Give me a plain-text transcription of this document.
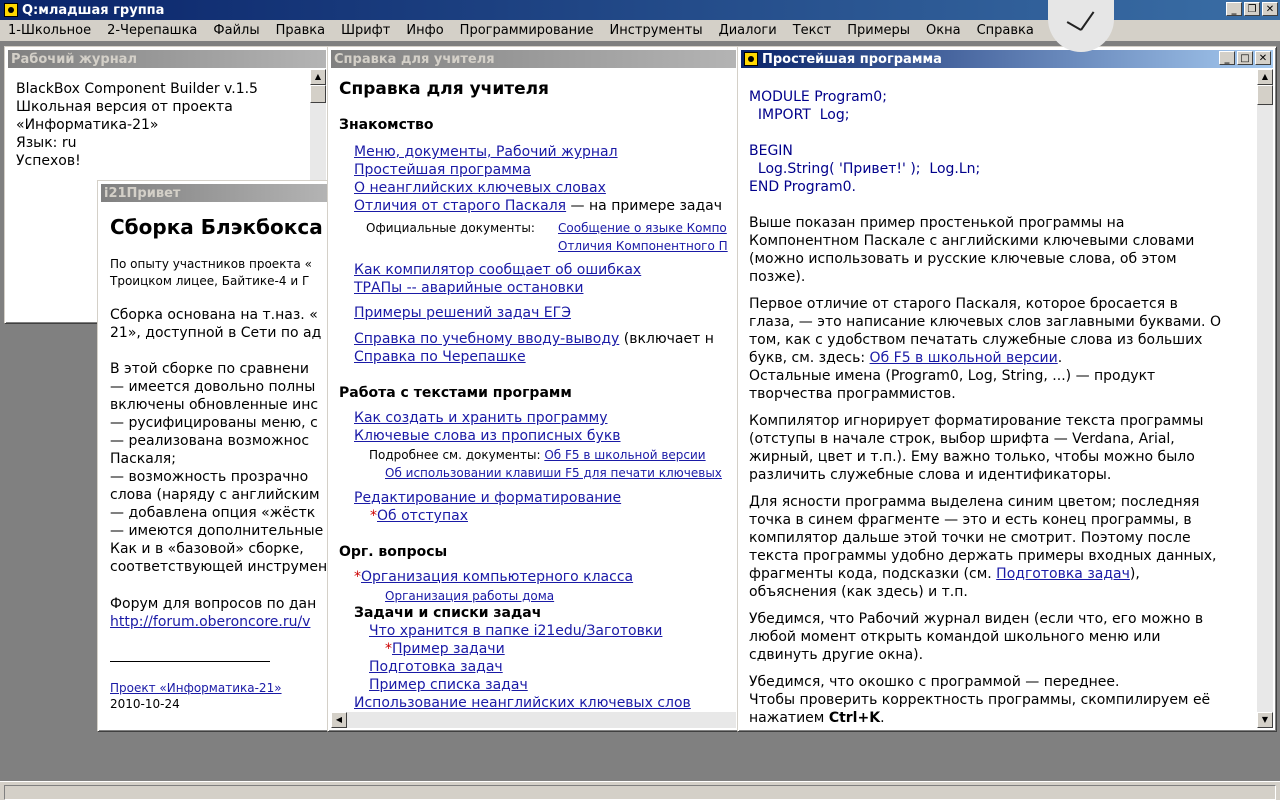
Q:младшая группа	_	❐ ✕
1-Школьное	2-Черепашка	Файлы	Правка	Шрифт	Инфо	Программирование	Инструменты	Диалоги	Текст	Примеры	Окна	Справка
Рабочий журнал
BlackBox Component Builder v.1.5
Школьная версия от проекта
«Информатика-21»
Язык: ru
Успехов!
▲
i21Привет
Сборка Блэкбокса
По опыту участников проекта «
Троицком лицее, Байтике-4 и Г
Сборка основана на т.наз. «
21», доступной в Сети по ад
В этой сборке по сравнени
— имеется довольно полны
включены обновленные инс
— русифицированы меню, с
— реализована возможнос
Паскаля;
— возможность прозрачно
слова (наряду с английским
— добавлена опция «жёстк
— имеются дополнительные
Как и в «базовой» сборке,
соответствующей инструмен
Форум для вопросов по дан
http://forum.oberoncore.ru/v
Проект «Информатика-21»
2010-10-24
Справка для учителя
Справка для учителя
Знакомство
Меню, документы, Рабочий журнал
Простейшая программа
О неанглийских ключевых словах
Отличия от старого Паскаля — на примере задач
Официальные документы: Сообщение о языке Компо
Отличия Компонентного П
Как компилятор сообщает об ошибках
ТРАПы -- аварийные остановки
Примеры решений задач ЕГЭ
Справка по учебному вводу-выводу (включает н
Справка по Черепашке
Работа с текстами программ
Как создать и хранить программу
Ключевые слова из прописных букв
Подробнее см. документы: Об F5 в школьной версии
Об использовании клавиши F5 для печати ключевых
Редактирование и форматирование
*Об отступах
Орг. вопросы
*Организация компьютерного класса
Организация работы дома
Задачи и списки задач
Что хранится в папке i21edu/Заготовки
*Пример задачи
Подготовка задач
Пример списка задач
Использование неанглийских ключевых слов
◀
Простейшая программа	_	□ ✕
MODULE Program0;
IMPORT  Log;
BEGIN
Log.String( 'Привет!' );  Log.Ln;
END Program0.
Выше показан пример простенькой программы на
Компонентном Паскале с английскими ключевыми словами
(можно использовать и русские ключевые слова, об этом
позже).
Первое отличие от старого Паскаля, которое бросается в
глаза, — это написание ключевых слов заглавными буквами. О
том, как с удобством печатать служебные слова из больших
букв, см. здесь: Об F5 в школьной версии.
Остальные имена (Program0, Log, String, ...) — продукт
творчества программистов.
Компилятор игнорирует форматирование текста программы
(отступы в начале строк, выбор шрифта — Verdana, Arial,
жирный, цвет и т.п.). Ему важно только, чтобы можно было
различить служебные слова и идентификаторы.
Для ясности программа выделена синим цветом; последняя
точка в синем фрагменте — это и есть конец программы, в
компилятор дальше этой точки не смотрит. Поэтому после
текста программы удобно держать примеры входных данных,
фрагменты кода, подсказки (см. Подготовка задач),
объяснения (как здесь) и т.п.
Убедимся, что Рабочий журнал виден (если что, его можно в
любой момент открыть командой школьного меню или
сдвинуть другие окна).
Убедимся, что окошко с программой — переднее.
Чтобы проверить корректность программы, скомпилируем её
нажатием Ctrl+K.
▲
▼
